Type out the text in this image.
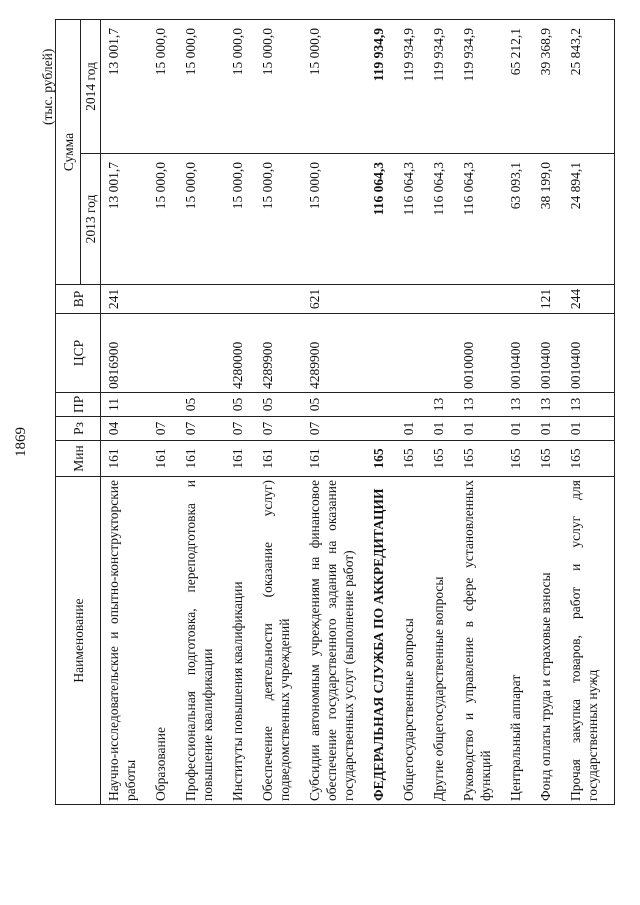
1869
(тыс. рублей)
Наименование	Мин	Рз	ПР	ЦСР	ВР	Сумма	
						2013 год	2014 год
Научно-исследовательские и опытно-конструкторские работы	161	04	11	0816900	241	13 001,7	13 001,7
Образование	161	07				15 000,0	15 000,0
Профессиональная подготовка, переподготовка и повышение квалификации	161	07	05			15 000,0	15 000,0
Институты повышения квалификации	161	07	05	4280000		15 000,0	15 000,0
Обеспечение деятельности (оказание услуг) подведомственных учреждений	161	07	05	4289900		15 000,0	15 000,0
Субсидии автономным учреждениям на финансовое обеспечение государственного задания на оказание государственных услуг (выполнение работ)	161	07	05	4289900	621	15 000,0	15 000,0
ФЕДЕРАЛЬНАЯ СЛУЖБА ПО АККРЕДИТАЦИИ	165					116 064,3	119 934,9
Общегосударственные вопросы	165	01				116 064,3	119 934,9
Другие общегосударственные вопросы	165	01	13			116 064,3	119 934,9
Руководство и управление в сфере установленных функций	165	01	13	0010000		116 064,3	119 934,9
Центральный аппарат	165	01	13	0010400		63 093,1	65 212,1
Фонд оплаты труда и страховые взносы	165	01	13	0010400	121	38 199,0	39 368,9
Прочая закупка товаров, работ и услуг для государственных нужд	165	01	13	0010400	244	24 894,1	25 843,2
